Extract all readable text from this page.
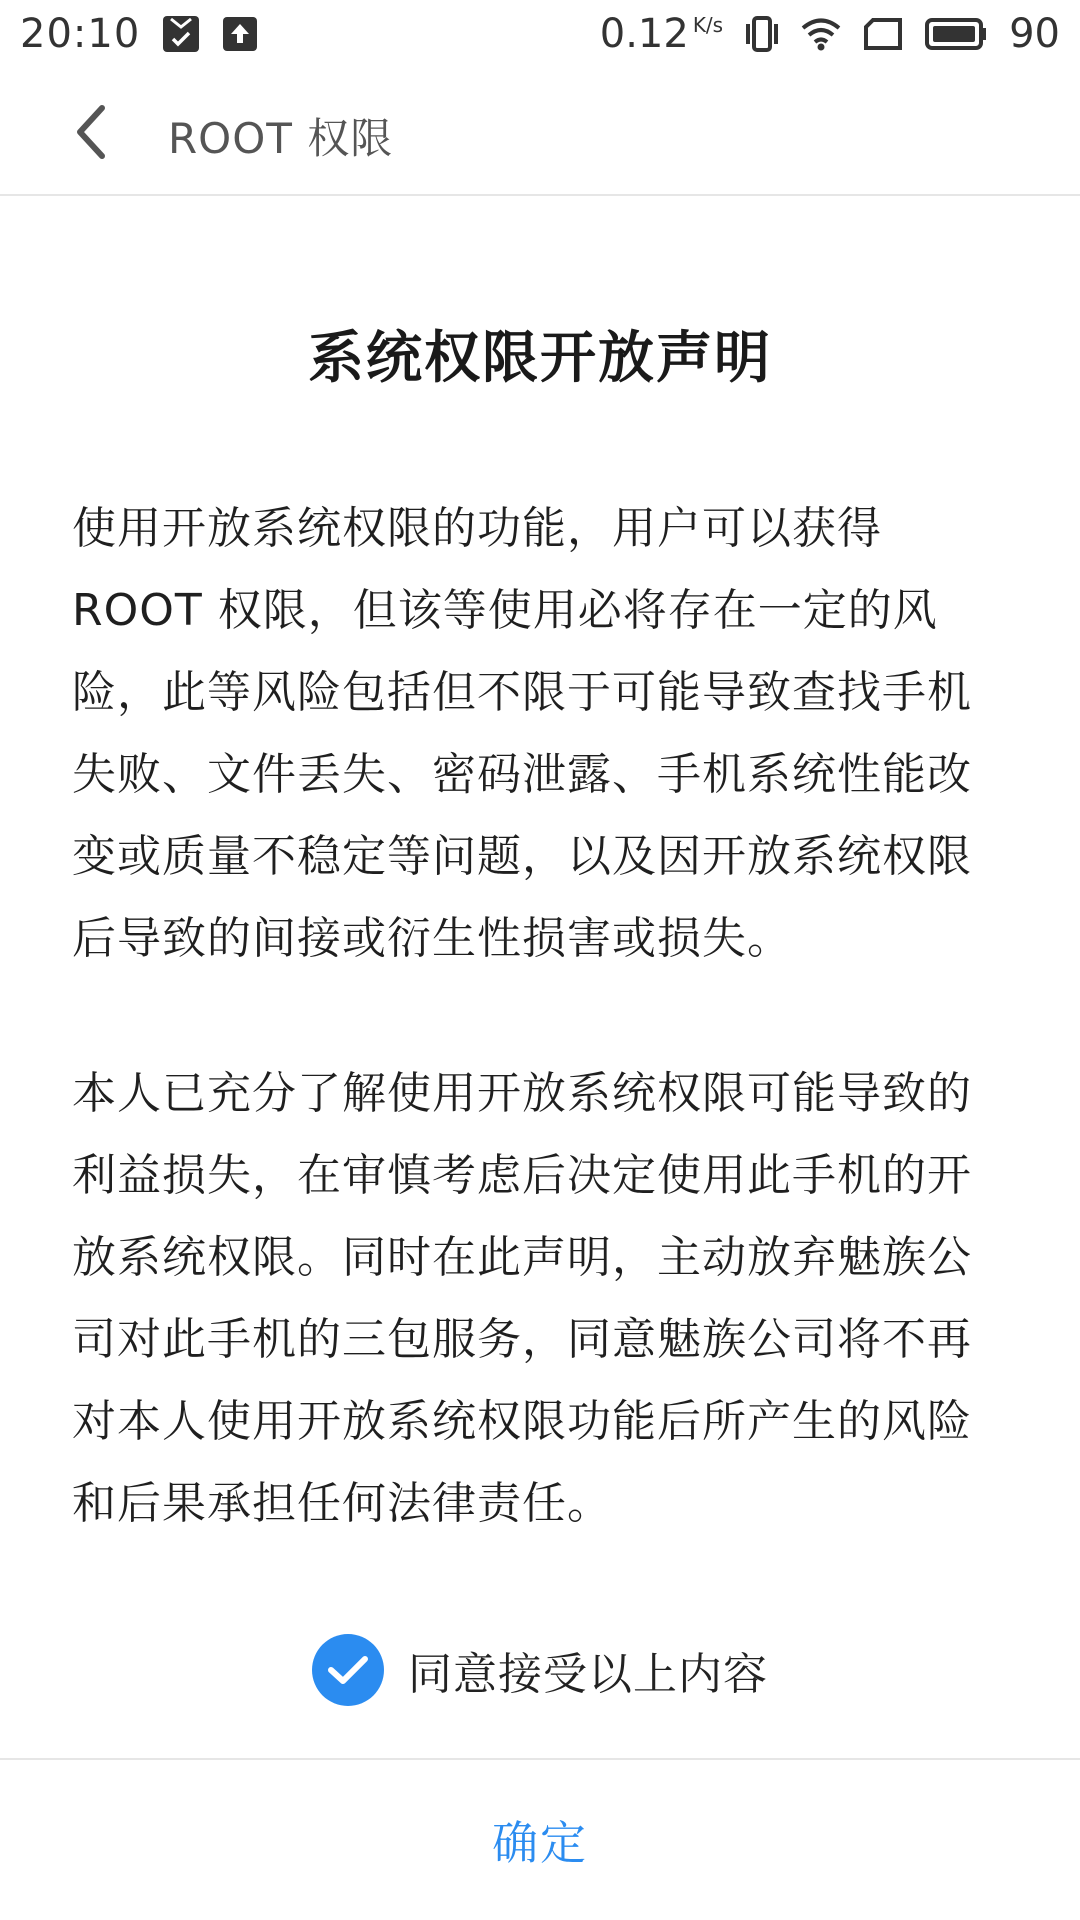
20:10	0.12 K/s	90
ROOT 权限
系统权限开放声明

使用开放系统权限的功能，用户可以获得 ROOT 权限，但该等使用必将存在一定的风险，此等风险包括但不限于可能导致查找手机失败、文件丢失、密码泄露、手机系统性能改变或质量不稳定等问题，以及因开放系统权限后导致的间接或衍生性损害或损失。

本人已充分了解使用开放系统权限可能导致的利益损失，在审慎考虑后决定使用此手机的开放系统权限。同时在此声明，主动放弃魅族公司对此手机的三包服务，同意魅族公司将不再对本人使用开放系统权限功能后所产生的风险和后果承担任何法律责任。

同意接受以上内容
确定
